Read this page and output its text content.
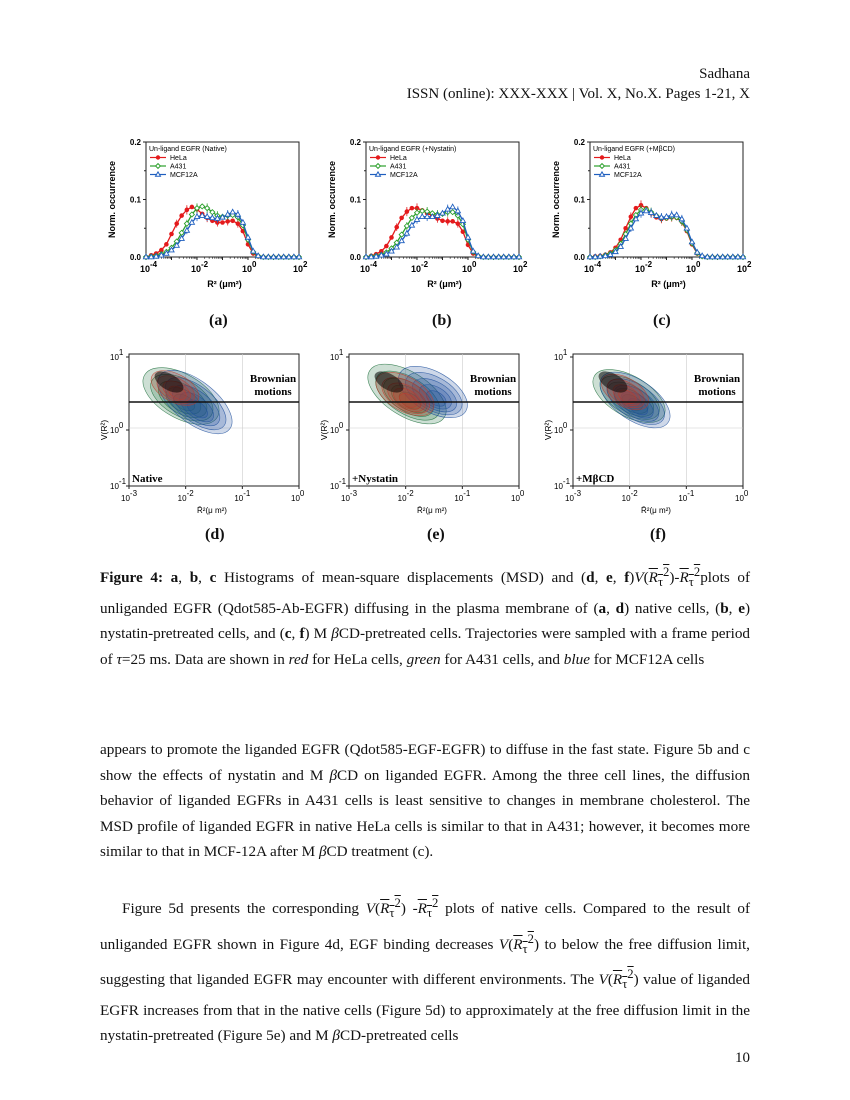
Sadhana
ISSN (online): XXX-XXX | Vol. X, No.X. Pages 1-21, X
0.0
0.1
0.2
10-4	10-2	100	102
Norm. occurrence
R² (μm²)
Un-ligand EGFR (Native)
HeLa
A431
MCF12A
0.0
0.1
0.2
10-4	10-2	100	102
Norm. occurrence
R² (μm²)
Un-ligand EGFR (+Nystatin)
HeLa
A431
MCF12A
0.0
0.1
0.2
10-4	10-2	100	102
Norm. occurrence
R² (μm²)
Un-ligand EGFR (+MβCD)
HeLa
A431
MCF12A
(a)	(b)	(c)
Brownian
motions
Native
101
100
10-1
10-3
10-2
10-1
100
R̄²(μ m²)
V(R²)
Brownian
motions
+Nystatin
101
100
10-1
10-3
10-2
10-1
100
R̄²(μ m²)
V(R²)
Brownian
motions
+MβCD
101
100
10-1
10-3
10-2
10-1
100
R̄²(μ m²)
V(R²)
(d)	(e)	(f)
Figure 4: a, b, c Histograms of mean-square displacements (MSD) and (d, e, $f)V(R_\tau^2)-R_\tau^2plots$ of unliganded EGFR (Qdot585-Ab-EGFR) diffusing in the plasma membrane of (a, d) native cells, (b, e) nystatin-pretreated cells, and (c, f) M βCD-pretreated cells. Trajectories were sampled with a frame period of τ=25 ms. Data are shown in red for HeLa cells, green for A431 cells, and blue for MCF12A cells

appears to promote the liganded EGFR (Qdot585-EGF-EGFR) to diffuse in the fast state. Figure 5b and c show the effects of nystatin and M βCD on liganded EGFR. Among the three cell lines, the diffusion behavior of liganded EGFRs in A431 cells is least sensitive to changes in membrane cholesterol. The MSD profile of liganded EGFR in native HeLa cells is similar to that in A431; however, it becomes more similar to that in MCF-12A after M βCD treatment (c).

Figure 5d presents the corresponding $V(R_\tau^2)$ $-R_\tau^2$ plots of native cells. Compared to the result of unliganded EGFR shown in Figure 4d, EGF binding decreases $V(R_\tau^2)$ to below the free diffusion limit, suggesting that liganded EGFR may encounter with different environments. The $V(R_\tau^2)$ value of liganded EGFR increases from that in the native cells (Figure 5d) to approximately at the free diffusion limit in the nystatin-pretreated (Figure 5e) and M βCD-pretreated cells

10
